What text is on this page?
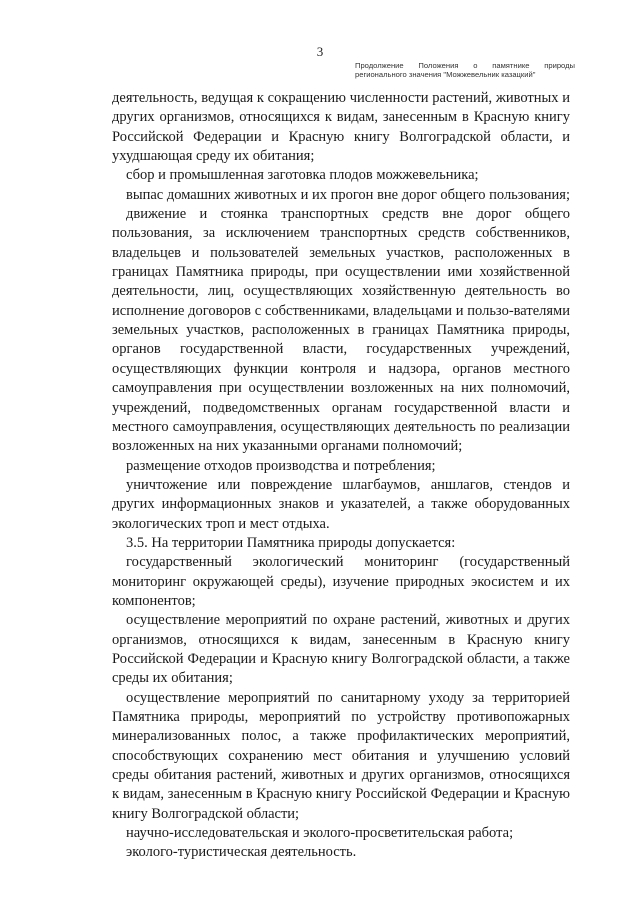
3
Продолжение Положения о памятнике природы
регионального значения "Можжевельник казацкий"

деятельность, ведущая к сокращению численности растений, животных и других организмов, относящихся к видам, занесенным в Красную книгу Российской Федерации и Красную книгу Волгоградской области, и ухудшающая среду их обитания;

сбор и промышленная заготовка плодов можжевельника;

выпас домашних животных и их прогон вне дорог общего пользования;

движение и стоянка транспортных средств вне дорог общего пользования, за исключением транспортных средств собственников, владельцев и пользователей земельных участков, расположенных в границах Памятника природы, при осуществлении ими хозяйственной деятельности, лиц, осуществляющих хозяйственную деятельность во исполнение договоров с собственниками, владельцами и пользо-вателями земельных участков, расположенных в границах Памятника природы, органов государственной власти, государственных учреждений, осуществляющих функции контроля и надзора, органов местного самоуправления при осуществлении возложенных на них полномочий, учреждений, подведомственных органам государственной власти и местного самоуправления, осуществляющих деятельность по реализации возложенных на них указанными органами полномочий;

размещение отходов производства и потребления;

уничтожение или повреждение шлагбаумов, аншлагов, стендов и других информационных знаков и указателей, а также оборудованных экологических троп и мест отдыха.

3.5. На территории Памятника природы допускается:

государственный экологический мониторинг (государственный мониторинг окружающей среды), изучение природных экосистем и их компонентов;

осуществление мероприятий по охране растений, животных и других организмов, относящихся к видам, занесенным в Красную книгу Российской Федерации и Красную книгу Волгоградской области, а также среды их обитания;

осуществление мероприятий по санитарному уходу за территорией Памятника природы, мероприятий по устройству противопожарных минерализованных полос, а также профилактических мероприятий, способствующих сохранению мест обитания и улучшению условий среды обитания растений, животных и других организмов, относящихся к видам, занесенным в Красную книгу Российской Федерации и Красную книгу Волгоградской области;

научно-исследовательская и эколого-просветительская работа;

эколого-туристическая деятельность.
